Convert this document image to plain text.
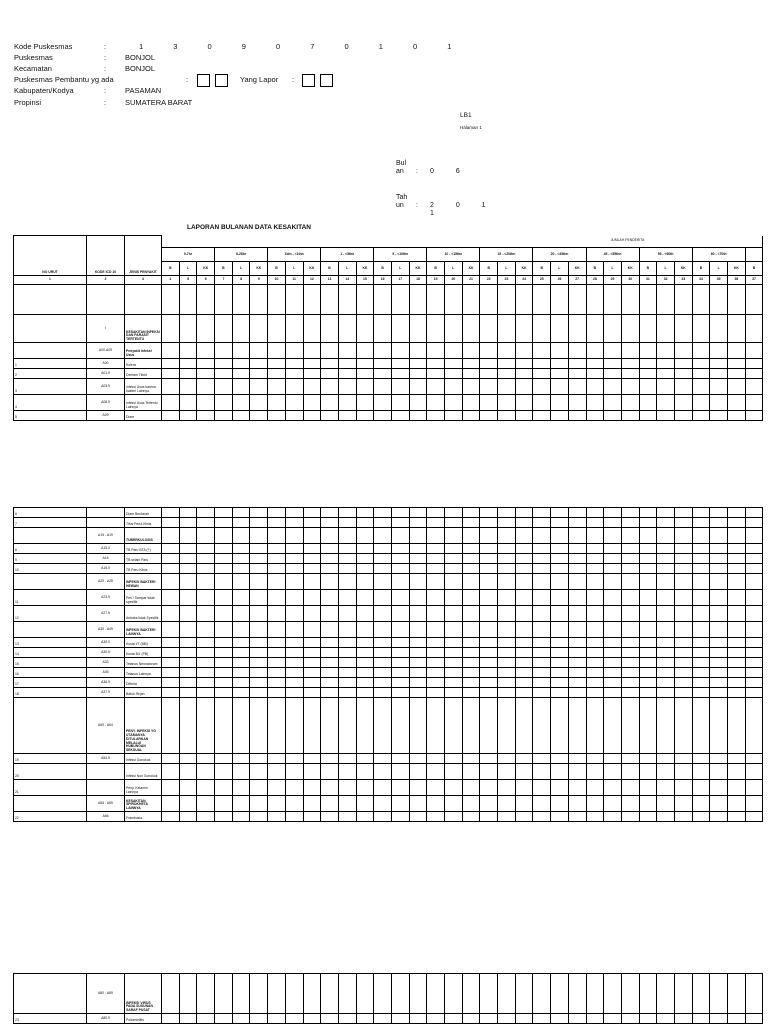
Kode Puskesmas	:	1 3 0 9 0 7 0 1 0 1
Puskesmas	:	BONJOL
Kecamatan	:	BONJOL
Puskesmas Pembantu yg ada	:	Yang Lapor :
Kabupaten/Kodya	:	PASAMAN
Propinsi	:	SUMATERA BARAT
LB1
Halaman 1
Bul
an : 0 6
Tah
un : 2 0 1 1
LAPORAN BULANAN DATA KESAKITAN
NO URUT	KODE ICD 10	JENIS PENYAKIT	JUMLAH PENDERITA																																	
			0-7hr			8-28hr			1bln - <1thn			1 - <5thn			5 - <10thn			10 - <15thn			15 - <20thn			20 - <45thn			45 - <55thn			55 - <60th			60 - <70th			
			B	L	KK	B	L	KK	B	L	KK	B	L	KK	B	L	KK	B	L	KK	B	L	KK	B	L	KK	B	L	KK	B	L	KK	B	L	KK	B
1	2	3	4	5	6	7	8	9	10	11	12	13	14	15	16	17	18	19	20	21	22	23	24	25	26	27	28	29	30	31	32	33	34	35	36	37

	I	KESAKITAN INFEKSI DAN PARASIT TERTENTU																																		
	A00-A09	Penyakit Infeksi Usus																																		
1	A00	Kolera																																		
2	A01.0	Demam Tifoid																																		
3	A03.9	Infeksi Usus karena bakteri Lainnya																																		
4	A08.5	Infeksi Usus Tertentu Lainnya																																		
5	A09	Diare																																		
6		Diare Berdarah																																		
7		Tifus Perut Klinis																																		
	A15 - A19	TUBERKULOSIS																																		
8	A15.0	TB Paru BTA (+)																																		
9	A16	TB selain Paru																																		
10	A16.0	TB Paru Klinis																																		
	A20 - A28	INFEKSI BAKTERI HEWAN																																		
11	A23.9	Pes / Sampar tidak spesifik																																		
12	A27.9	Antraks tidak Spesifik																																		
	A30 - A49	INFEKSI BAKTERI LAINNYA																																		
13	A30.0	Kusta I/T (MB)																																		
14	A30.5	Kusta B/L (PB)																																		
15	A33	Tetanus Neonatorum																																		
16	A35	Tetanus Lainnya																																		
17	A36.9	Difteria																																		
18	A37.9	Batuk Rejan																																		
	A50 - A64	PENY. INFEKSI YG UTAMANYA DITULARKAN MELALUI HUBUNGAN SEKSUAL																																		
19	A54.9	Infeksi Gonokok																																		
20		Infeksi Non Gonokok																																		
21		Peny. Kelamin Lainnya																																		
	A65 - A69	KESAKITAN SPIROKHETA LAINNYA																																		
22	A66	Frambusia																																		
	A80 - A89	INFEKSI VIRUS PADA SUSUNAN SARAF PUSAT																																		
23	A80.9	Poliomielitis																																		
